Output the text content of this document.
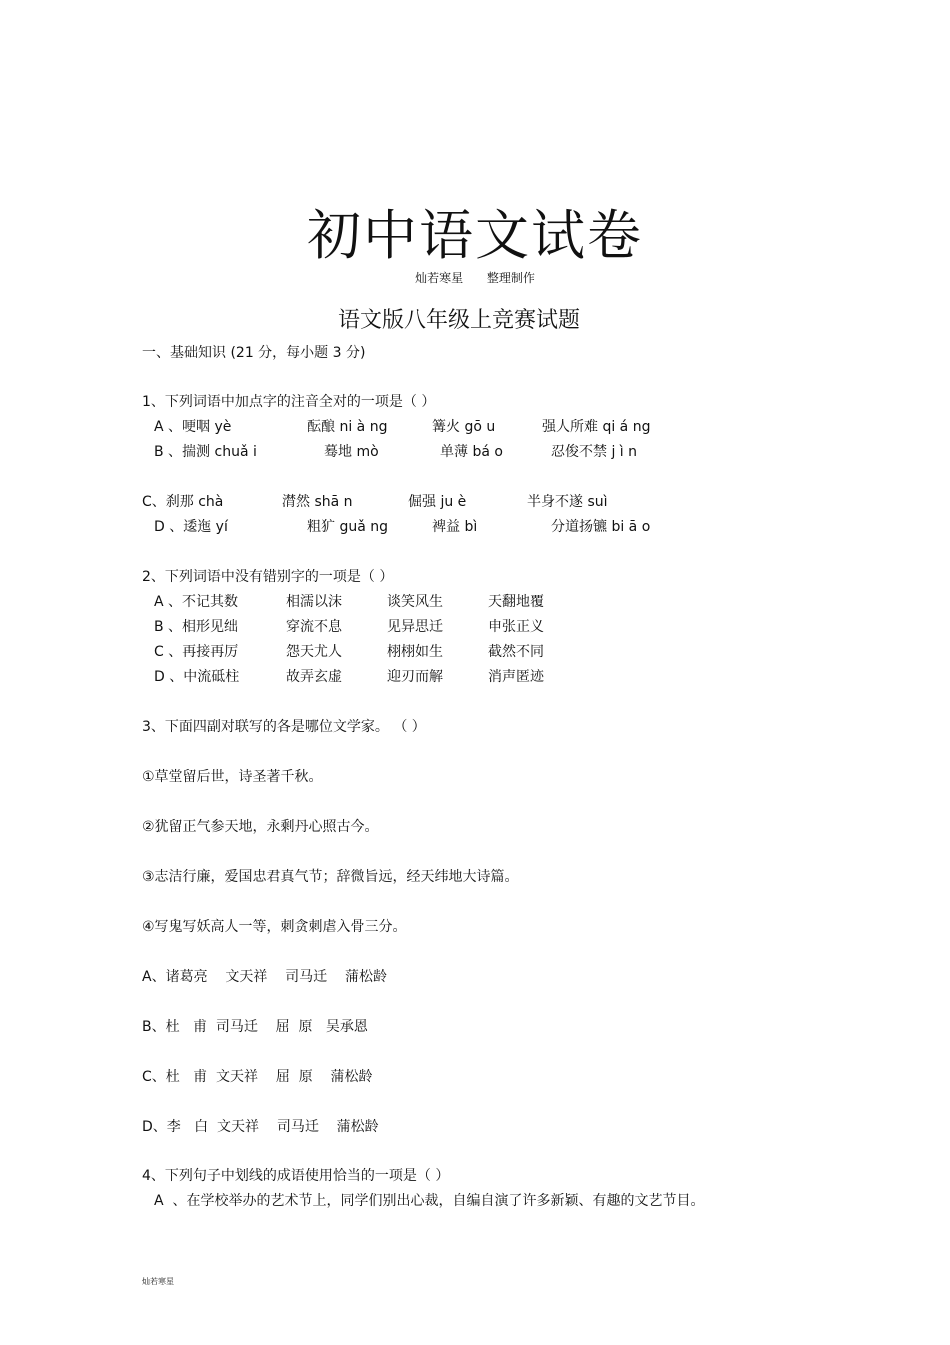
初中语文试卷
灿若寒星 整理制作
语文版八年级上竞赛试题
一、基础知识 (21 分，每小题 3 分)
1、下列词语中加点字的注音全对的一项是（ ）
A 、哽咽 yè	酝酿 ni à ng	篝火 gō u	强人所难 qi á ng
B 、揣测 chuǎ i	蓦地 mò	单薄 bá o	忍俊不禁 j ì n
C、刹那 chà	潸然 shā n	倔强 ju è	半身不遂 suì
D 、逶迤 yí	粗犷 guǎ ng	裨益 bì	分道扬镳 bi ā o
2、下列词语中没有错别字的一项是（ ）
A 、不记其数	相濡以沫	谈笑风生	天翻地覆
B 、相形见绌	穿流不息	见异思迁	申张正义
C 、再接再厉	怨天尤人	栩栩如生	截然不同
D 、中流砥柱	故弄玄虚	迎刃而解	消声匿迹
3、下面四副对联写的各是哪位文学家。 （ ）
①草堂留后世，诗圣著千秋。
②犹留正气参天地，永剩丹心照古今。
③志洁行廉，爱国忠君真气节；辞微旨远，经天纬地大诗篇。
④写鬼写妖高人一等，刺贪刺虐入骨三分。
A、诸葛亮    文天祥    司马迁    蒲松龄
B、杜   甫  司马迁    屈  原   吴承恩
C、杜   甫  文天祥    屈  原    蒲松龄
D、李   白  文天祥    司马迁    蒲松龄
4、下列句子中划线的成语使用恰当的一项是（ ）
A  、在学校举办的艺术节上，同学们别出心裁，自编自演了许多新颖、有趣的文艺节目。
灿若寒星
